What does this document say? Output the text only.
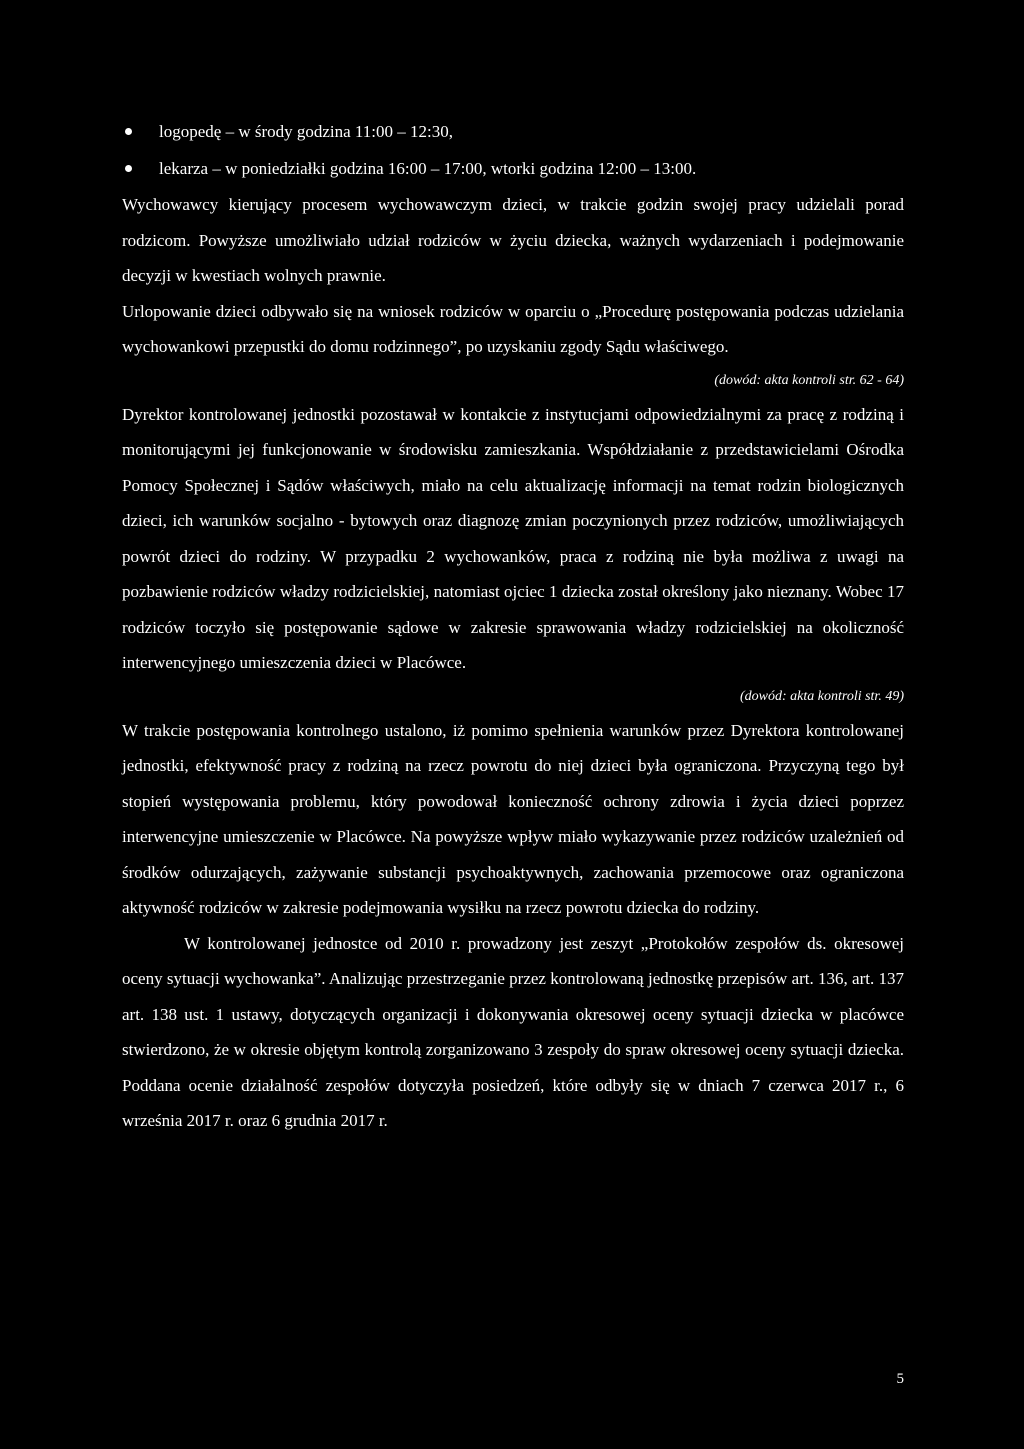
logopedę – w środy godzina 11:00 – 12:30,
lekarza – w poniedziałki godzina 16:00 – 17:00, wtorki godzina 12:00 – 13:00.

Wychowawcy kierujący procesem wychowawczym dzieci, w trakcie godzin swojej pracy udzielali porad rodzicom. Powyższe umożliwiało udział rodziców w życiu dziecka, ważnych wydarzeniach i podejmowanie decyzji w kwestiach wolnych prawnie.

Urlopowanie dzieci odbywało się na wniosek rodziców w oparciu o „Procedurę postępowania podczas udzielania wychowankowi przepustki do domu rodzinnego”, po uzyskaniu zgody Sądu właściwego.

(dowód: akta kontroli str. 62 - 64)

Dyrektor kontrolowanej jednostki pozostawał w kontakcie z instytucjami odpowiedzialnymi za pracę z rodziną i monitorującymi jej funkcjonowanie w środowisku zamieszkania. Współdziałanie z przedstawicielami Ośrodka Pomocy Społecznej i Sądów właściwych, miało na celu aktualizację informacji na temat rodzin biologicznych dzieci, ich warunków socjalno - bytowych oraz diagnozę zmian poczynionych przez rodziców, umożliwiających powrót dzieci do rodziny. W przypadku 2 wychowanków, praca z rodziną nie była możliwa z uwagi na pozbawienie rodziców władzy rodzicielskiej, natomiast ojciec 1 dziecka został określony jako nieznany. Wobec 17 rodziców toczyło się postępowanie sądowe w zakresie sprawowania władzy rodzicielskiej na okoliczność interwencyjnego umieszczenia dzieci w Placówce.

(dowód: akta kontroli str. 49)

W trakcie postępowania kontrolnego ustalono, iż pomimo spełnienia warunków przez Dyrektora kontrolowanej jednostki, efektywność pracy z rodziną na rzecz powrotu do niej dzieci była ograniczona. Przyczyną tego był stopień występowania problemu, który powodował konieczność ochrony zdrowia i życia dzieci poprzez interwencyjne umieszczenie w Placówce. Na powyższe wpływ miało wykazywanie przez rodziców uzależnień od środków odurzających, zażywanie substancji psychoaktywnych, zachowania przemocowe oraz ograniczona aktywność rodziców w zakresie podejmowania wysiłku na rzecz powrotu dziecka do rodziny.

W kontrolowanej jednostce od 2010 r. prowadzony jest zeszyt „Protokołów zespołów ds. okresowej oceny sytuacji wychowanka”. Analizując przestrzeganie przez kontrolowaną jednostkę przepisów art. 136, art. 137 art. 138 ust. 1 ustawy, dotyczących organizacji i dokonywania okresowej oceny sytuacji dziecka w placówce stwierdzono, że w okresie objętym kontrolą zorganizowano 3 zespoły do spraw okresowej oceny sytuacji dziecka. Poddana ocenie działalność zespołów dotyczyła posiedzeń, które odbyły się w dniach 7 czerwca 2017 r., 6 września 2017 r. oraz 6 grudnia 2017 r.

5
